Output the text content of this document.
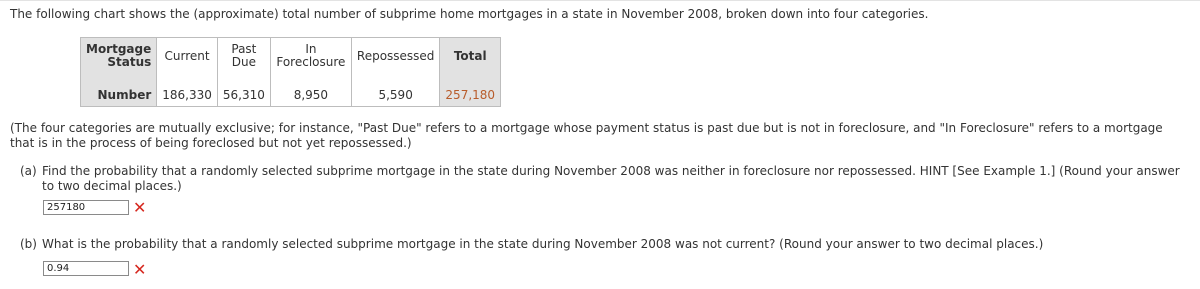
The following chart shows the (approximate) total number of subprime home mortgages in a state in November 2008, broken down into four categories.
Mortgage Status	Current	Past Due	In Foreclosure	Repossessed	Total

Number	186,330	56,310	8,950	5,590	257,180
(The four categories are mutually exclusive; for instance, "Past Due" refers to a mortgage whose payment status is past due but is not in foreclosure, and "In Foreclosure" refers to a mortgage that is in the process of being foreclosed but not yet repossessed.)
(a) Find the probability that a randomly selected subprime mortgage in the state during November 2008 was neither in foreclosure nor repossessed. HINT [See Example 1.] (Round your answer to two decimal places.)
257180	✕
(b) What is the probability that a randomly selected subprime mortgage in the state during November 2008 was not current? (Round your answer to two decimal places.)
0.94	✕
